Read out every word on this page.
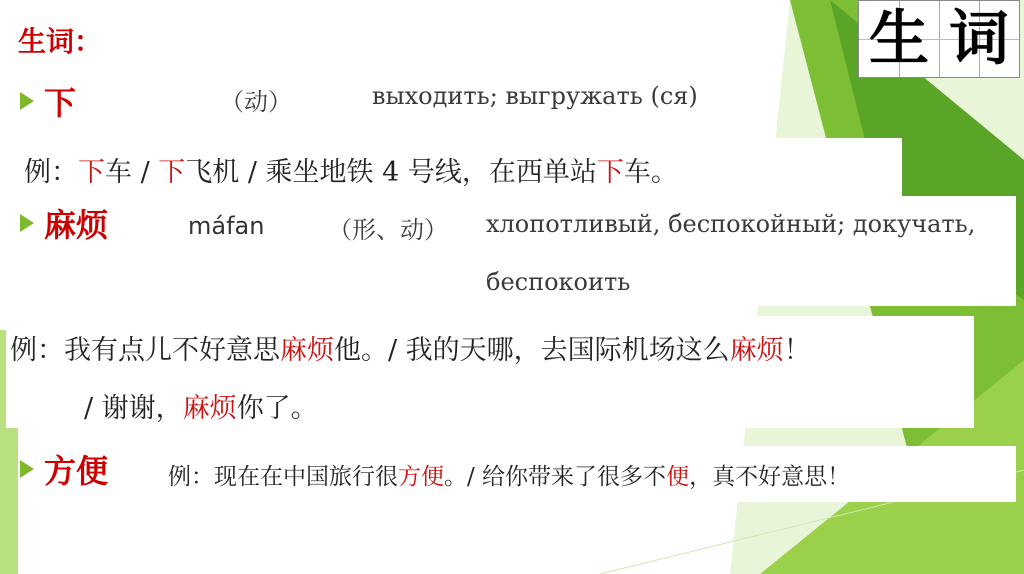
生 词
生词：
下	（动）	выходить; выгружать (ся)
例：下车 / 下飞机 / 乘坐地铁 4 号线，在西单站下车。
麻烦	máfan	（形、动） хлопотливый, беспокойный; докучать,
беспокоить
例：我有点儿不好意思麻烦他。/ 我的天哪，去国际机场这么麻烦！
/ 谢谢，麻烦你了。
方便	例：现在在中国旅行很方便。/ 给你带来了很多不便，真不好意思！
